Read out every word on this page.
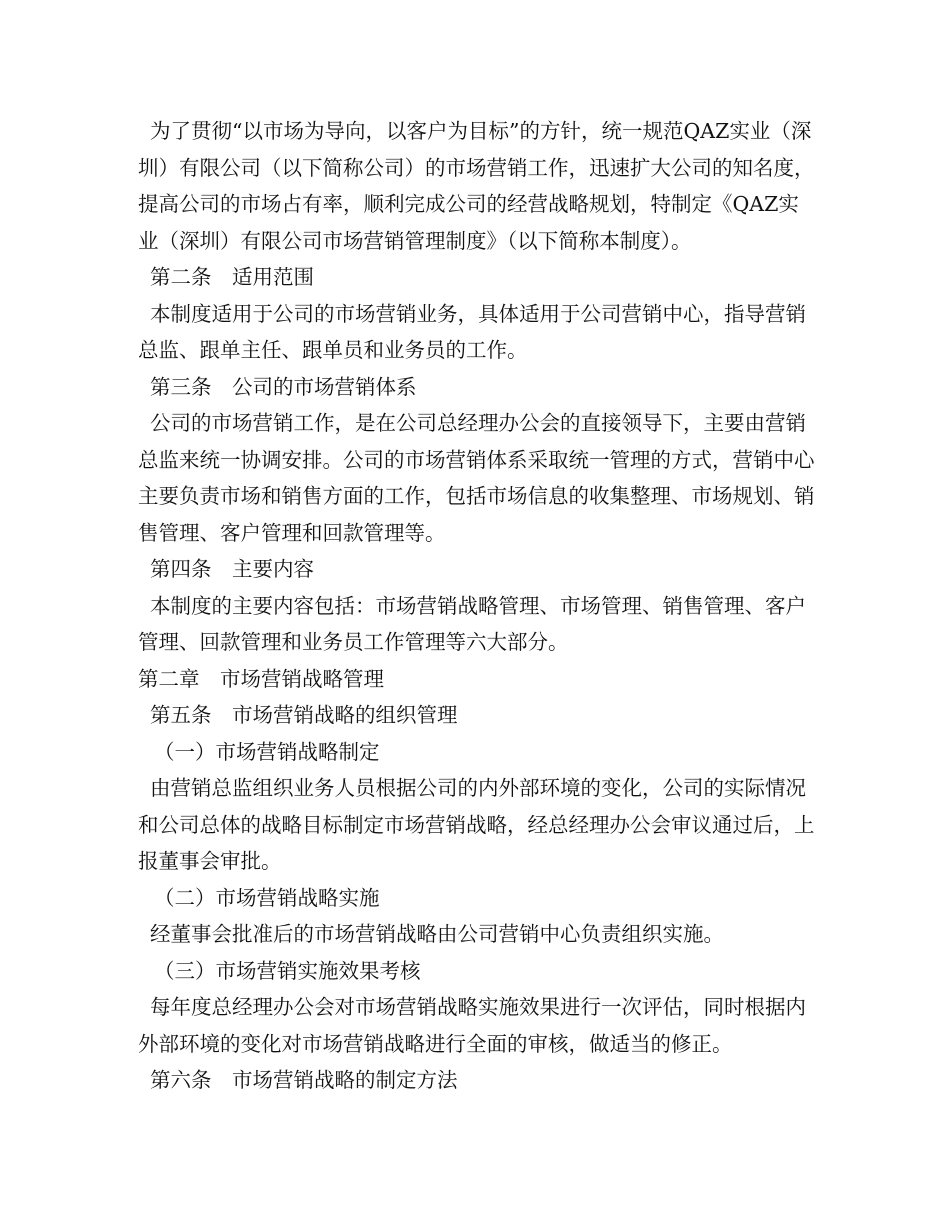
为了贯彻“以市场为导向，以客户为目标”的方针，统一规范QAZ实业（深圳）有限公司（以下简称公司）的市场营销工作，迅速扩大公司的知名度，提高公司的市场占有率，顺利完成公司的经营战略规划，特制定《QAZ实业（深圳）有限公司市场营销管理制度》（以下简称本制度）。

第二条　适用范围

本制度适用于公司的市场营销业务，具体适用于公司营销中心，指导营销总监、跟单主任、跟单员和业务员的工作。

第三条　公司的市场营销体系

公司的市场营销工作，是在公司总经理办公会的直接领导下，主要由营销总监来统一协调安排。公司的市场营销体系采取统一管理的方式，营销中心主要负责市场和销售方面的工作，包括市场信息的收集整理、市场规划、销售管理、客户管理和回款管理等。

第四条　主要内容

本制度的主要内容包括：市场营销战略管理、市场管理、销售管理、客户管理、回款管理和业务员工作管理等六大部分。

第二章　市场营销战略管理

第五条　市场营销战略的组织管理

（一）市场营销战略制定

由营销总监组织业务人员根据公司的内外部环境的变化，公司的实际情况和公司总体的战略目标制定市场营销战略，经总经理办公会审议通过后，上报董事会审批。

（二）市场营销战略实施

经董事会批准后的市场营销战略由公司营销中心负责组织实施。

（三）市场营销实施效果考核

每年度总经理办公会对市场营销战略实施效果进行一次评估，同时根据内外部环境的变化对市场营销战略进行全面的审核，做适当的修正。

第六条　市场营销战略的制定方法
